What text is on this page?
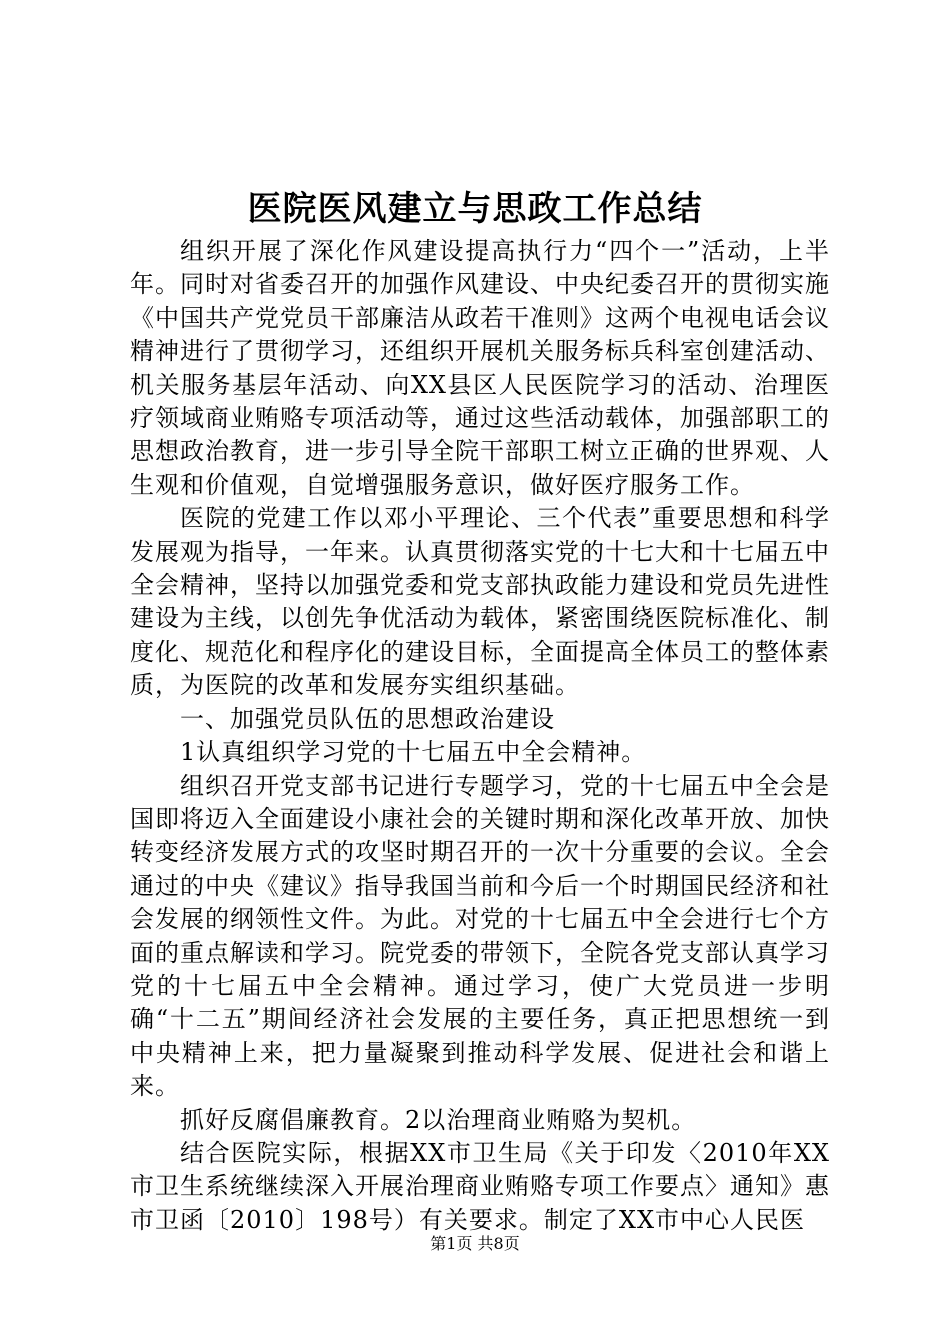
医院医风建立与思政工作总结

组织开展了深化作风建设提高执行力“四个一”活动，上半年。同时对省委召开的加强作风建设、中央纪委召开的贯彻实施《中国共产党党员干部廉洁从政若干准则》这两个电视电话会议精神进行了贯彻学习，还组织开展机关服务标兵科室创建活动、机关服务基层年活动、向XX县区人民医院学习的活动、治理医疗领域商业贿赂专项活动等，通过这些活动载体，加强部职工的思想政治教育，进一步引导全院干部职工树立正确的世界观、人生观和价值观，自觉增强服务意识，做好医疗服务工作。

医院的党建工作以邓小平理论、三个代表”重要思想和科学发展观为指导，一年来。认真贯彻落实党的十七大和十七届五中全会精神，坚持以加强党委和党支部执政能力建设和党员先进性建设为主线，以创先争优活动为载体，紧密围绕医院标准化、制度化、规范化和程序化的建设目标，全面提高全体员工的整体素质，为医院的改革和发展夯实组织基础。

一、加强党员队伍的思想政治建设

1认真组织学习党的十七届五中全会精神。

组织召开党支部书记进行专题学习，党的十七届五中全会是国即将迈入全面建设小康社会的关键时期和深化改革开放、加快转变经济发展方式的攻坚时期召开的一次十分重要的会议。全会通过的中央《建议》指导我国当前和今后一个时期国民经济和社会发展的纲领性文件。为此。对党的十七届五中全会进行七个方面的重点解读和学习。院党委的带领下，全院各党支部认真学习党的十七届五中全会精神。通过学习，使广大党员进一步明确“十二五”期间经济社会发展的主要任务，真正把思想统一到中央精神上来，把力量凝聚到推动科学发展、促进社会和谐上来。

抓好反腐倡廉教育。2以治理商业贿赂为契机。

结合医院实际，根据XX市卫生局《关于印发〈2010年XX市卫生系统继续深入开展治理商业贿赂专项工作要点〉通知》惠市卫函〔2010〕198号）有关要求。制定了XX市中心人民医

第1页 共8页
